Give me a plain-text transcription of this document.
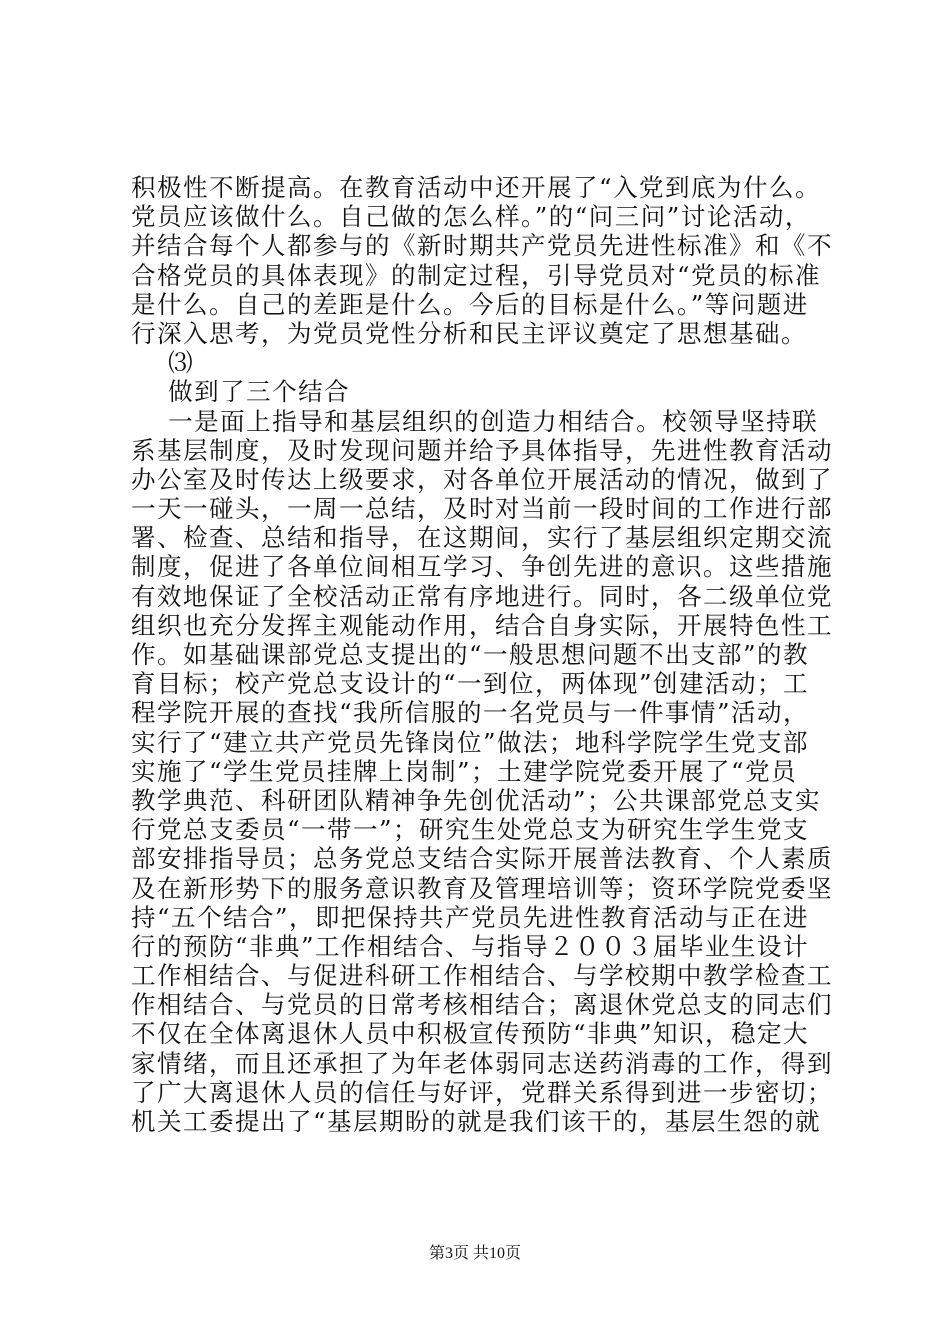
积极性不断提高。在教育活动中还开展了“入党到底为什么。
党员应该做什么。自己做的怎么样。”的“问三问”讨论活动，
并结合每个人都参与的《新时期共产党员先进性标准》和《不
合格党员的具体表现》的制定过程，引导党员对“党员的标准
是什么。自己的差距是什么。今后的目标是什么。”等问题进
行深入思考，为党员党性分析和民主评议奠定了思想基础。
⑶
做到了三个结合
一是面上指导和基层组织的创造力相结合。校领导坚持联
系基层制度，及时发现问题并给予具体指导，先进性教育活动
办公室及时传达上级要求，对各单位开展活动的情况，做到了
一天一碰头，一周一总结，及时对当前一段时间的工作进行部
署、检查、总结和指导，在这期间，实行了基层组织定期交流
制度，促进了各单位间相互学习、争创先进的意识。这些措施
有效地保证了全校活动正常有序地进行。同时，各二级单位党
组织也充分发挥主观能动作用，结合自身实际，开展特色性工
作。如基础课部党总支提出的“一般思想问题不出支部”的教
育目标；校产党总支设计的“一到位，两体现”创建活动；工
程学院开展的查找“我所信服的一名党员与一件事情”活动，
实行了“建立共产党员先锋岗位”做法；地科学院学生党支部
实施了“学生党员挂牌上岗制”；土建学院党委开展了“党员
教学典范、科研团队精神争先创优活动”；公共课部党总支实
行党总支委员“一带一”；研究生处党总支为研究生学生党支
部安排指导员；总务党总支结合实际开展普法教育、个人素质
及在新形势下的服务意识教育及管理培训等；资环学院党委坚
持“五个结合”，即把保持共产党员先进性教育活动与正在进
行的预防“非典”工作相结合、与指导２００３届毕业生设计
工作相结合、与促进科研工作相结合、与学校期中教学检查工
作相结合、与党员的日常考核相结合；离退休党总支的同志们
不仅在全体离退休人员中积极宣传预防“非典”知识，稳定大
家情绪，而且还承担了为年老体弱同志送药消毒的工作，得到
了广大离退休人员的信任与好评，党群关系得到进一步密切；
机关工委提出了“基层期盼的就是我们该干的，基层生怨的就
第3页 共10页
